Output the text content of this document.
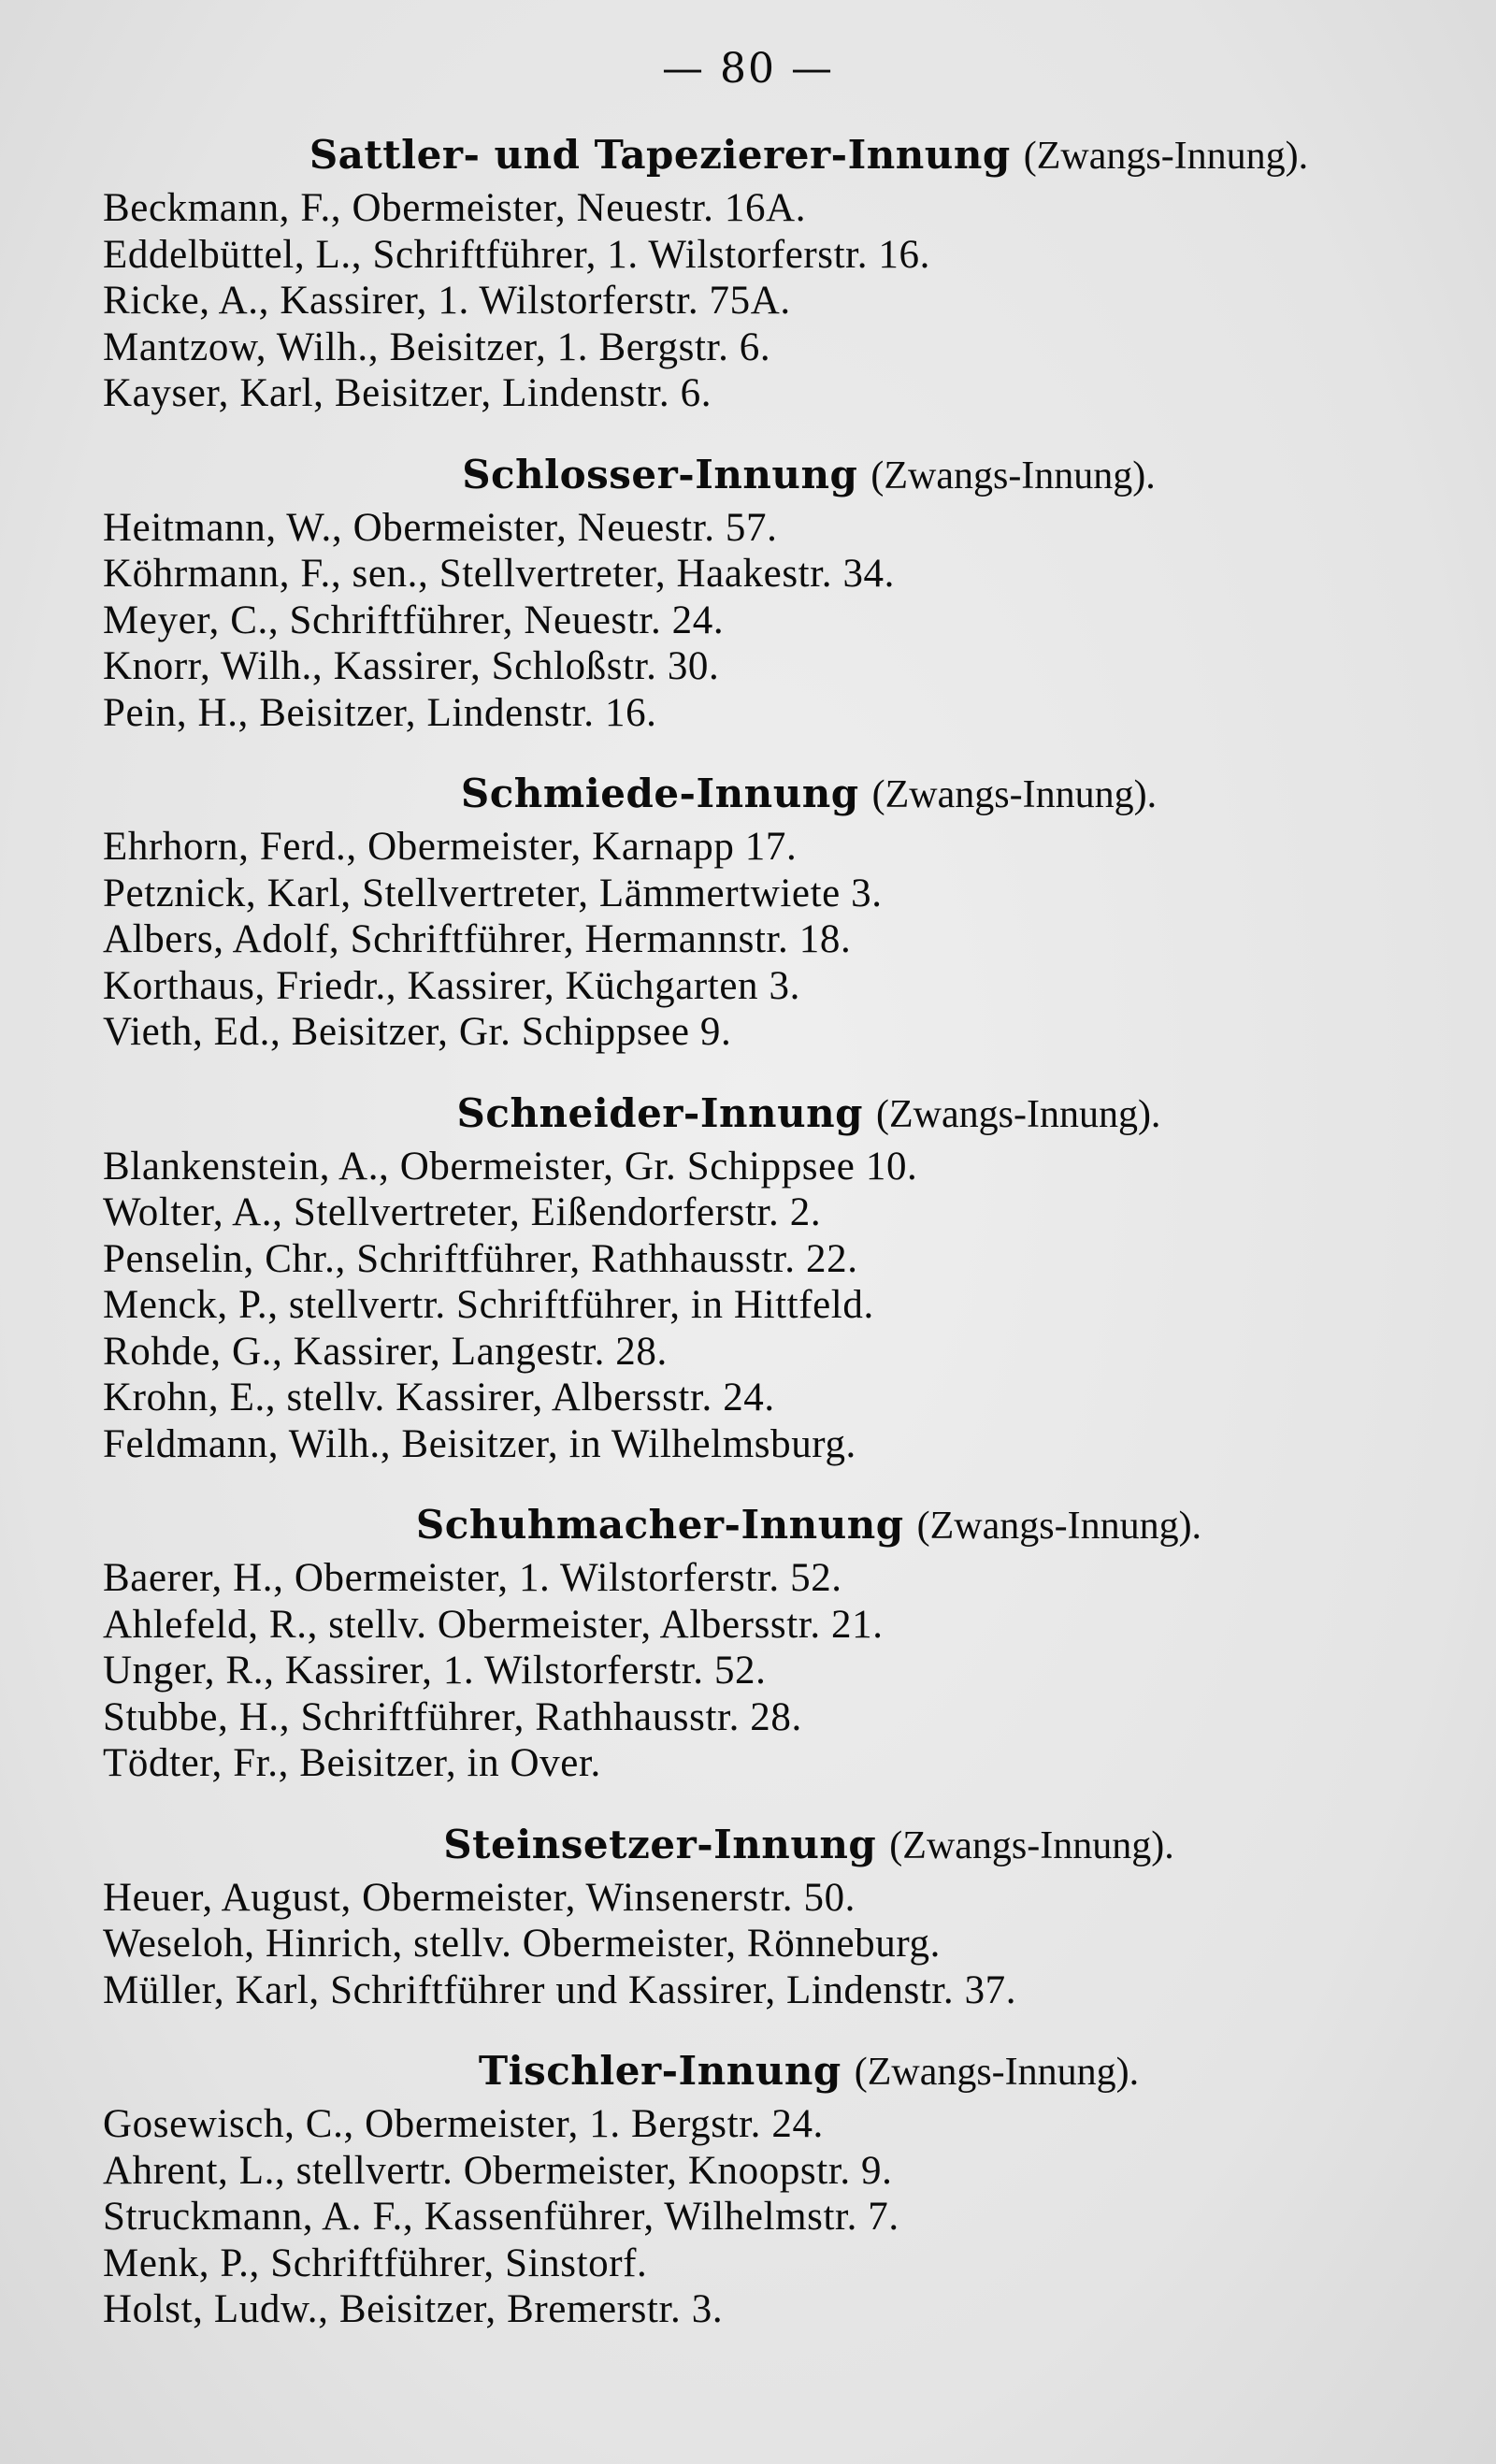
— 80 —
Sattler- und Tapezierer-Innung (Zwangs-Innung).
Beckmann, F., Obermeister, Neuestr. 16A.
Eddelbüttel, L., Schriftführer, 1. Wilstorferstr. 16.
Ricke, A., Kassirer, 1. Wilstorferstr. 75A.
Mantzow, Wilh., Beisitzer, 1. Bergstr. 6.
Kayser, Karl, Beisitzer, Lindenstr. 6.
Schlosser-Innung (Zwangs-Innung).
Heitmann, W., Obermeister, Neuestr. 57.
Köhrmann, F., sen., Stellvertreter, Haakestr. 34.
Meyer, C., Schriftführer, Neuestr. 24.
Knorr, Wilh., Kassirer, Schloßstr. 30.
Pein, H., Beisitzer, Lindenstr. 16.
Schmiede-Innung (Zwangs-Innung).
Ehrhorn, Ferd., Obermeister, Karnapp 17.
Petznick, Karl, Stellvertreter, Lämmertwiete 3.
Albers, Adolf, Schriftführer, Hermannstr. 18.
Korthaus, Friedr., Kassirer, Küchgarten 3.
Vieth, Ed., Beisitzer, Gr. Schippsee 9.
Schneider-Innung (Zwangs-Innung).
Blankenstein, A., Obermeister, Gr. Schippsee 10.
Wolter, A., Stellvertreter, Eißendorferstr. 2.
Penselin, Chr., Schriftführer, Rathhausstr. 22.
Menck, P., stellvertr. Schriftführer, in Hittfeld.
Rohde, G., Kassirer, Langestr. 28.
Krohn, E., stellv. Kassirer, Albersstr. 24.
Feldmann, Wilh., Beisitzer, in Wilhelmsburg.
Schuhmacher-Innung (Zwangs-Innung).
Baerer, H., Obermeister, 1. Wilstorferstr. 52.
Ahlefeld, R., stellv. Obermeister, Albersstr. 21.
Unger, R., Kassirer, 1. Wilstorferstr. 52.
Stubbe, H., Schriftführer, Rathhausstr. 28.
Tödter, Fr., Beisitzer, in Over.
Steinsetzer-Innung (Zwangs-Innung).
Heuer, August, Obermeister, Winsenerstr. 50.
Weseloh, Hinrich, stellv. Obermeister, Rönneburg.
Müller, Karl, Schriftführer und Kassirer, Lindenstr. 37.
Tischler-Innung (Zwangs-Innung).
Gosewisch, C., Obermeister, 1. Bergstr. 24.
Ahrent, L., stellvertr. Obermeister, Knoopstr. 9.
Struckmann, A. F., Kassenführer, Wilhelmstr. 7.
Menk, P., Schriftführer, Sinstorf.
Holst, Ludw., Beisitzer, Bremerstr. 3.
